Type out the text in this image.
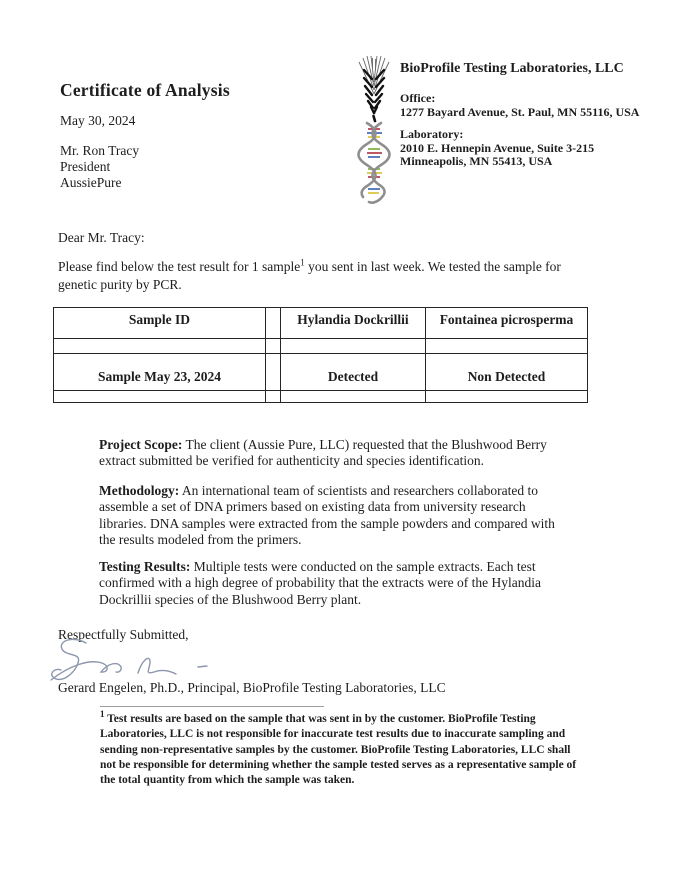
Certificate of Analysis
May 30, 2024
Mr. Ron Tracy
President
AussiePure
BioProfile Testing Laboratories, LLC
Office:
1277 Bayard Avenue, St. Paul, MN 55116, USA
Laboratory:
2010 E. Hennepin Avenue, Suite 3-215
Minneapolis, MN 55413, USA
Dear Mr. Tracy:

Please find below the test result for 1 sample$^1$ you sent in last week. We tested the sample for genetic purity by PCR.

Sample ID		Hylandia Dockrillii	Fontainea picrosperma

Sample May 23, 2024		Detected	Non Detected

Project Scope: The client (Aussie Pure, LLC) requested that the Blushwood Berry extract submitted be verified for authenticity and species identification.

Methodology: An international team of scientists and researchers collaborated to assemble a set of DNA primers based on existing data from university research libraries. DNA samples were extracted from the sample powders and compared with the results modeled from the primers.

Testing Results: Multiple tests were conducted on the sample extracts. Each test confirmed with a high degree of probability that the extracts were of the Hylandia Dockrillii species of the Blushwood Berry plant.

Respectfully Submitted,
Gerard Engelen, Ph.D., Principal, BioProfile Testing Laboratories, LLC

$^1$ Test results are based on the sample that was sent in by the customer. BioProfile Testing Laboratories, LLC is not responsible for inaccurate test results due to inaccurate sampling and sending non-representative samples by the customer. BioProfile Testing Laboratories, LLC shall not be responsible for determining whether the sample tested serves as a representative sample of the total quantity from which the sample was taken.
